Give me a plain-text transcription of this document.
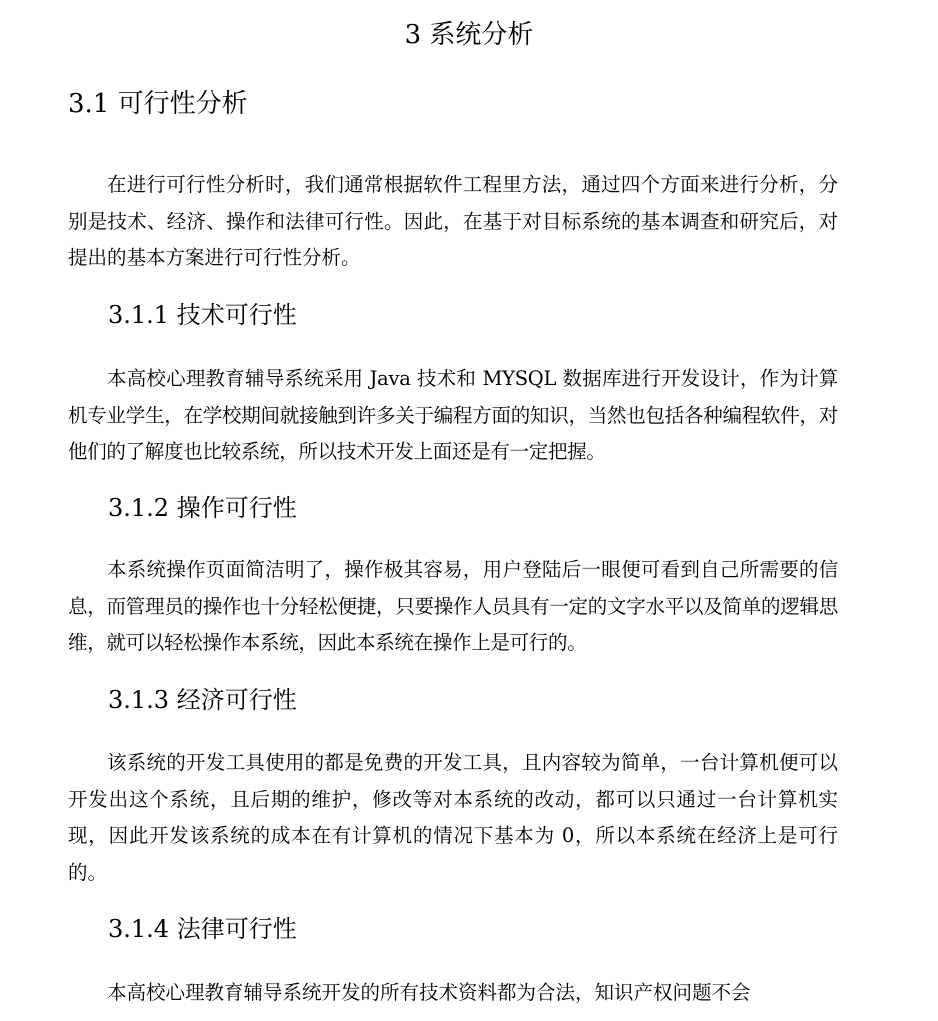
3 系统分析
3.1 可行性分析

在进行可行性分析时，我们通常根据软件工程里方法，通过四个方面来进行分析，分别是技术、经济、操作和法律可行性。因此，在基于对目标系统的基本调查和研究后，对提出的基本方案进行可行性分析。

3.1.1 技术可行性

本高校心理教育辅导系统采用 Java 技术和 MYSQL 数据库进行开发设计，作为计算机专业学生，在学校期间就接触到许多关于编程方面的知识，当然也包括各种编程软件，对他们的了解度也比较系统，所以技术开发上面还是有一定把握。

3.1.2 操作可行性

本系统操作页面简洁明了，操作极其容易，用户登陆后一眼便可看到自己所需要的信息，而管理员的操作也十分轻松便捷，只要操作人员具有一定的文字水平以及简单的逻辑思维，就可以轻松操作本系统，因此本系统在操作上是可行的。

3.1.3 经济可行性

该系统的开发工具使用的都是免费的开发工具，且内容较为简单，一台计算机便可以开发出这个系统，且后期的维护，修改等对本系统的改动，都可以只通过一台计算机实现，因此开发该系统的成本在有计算机的情况下基本为 0，所以本系统在经济上是可行的。

3.1.4 法律可行性

本高校心理教育辅导系统开发的所有技术资料都为合法，知识产权问题不会
